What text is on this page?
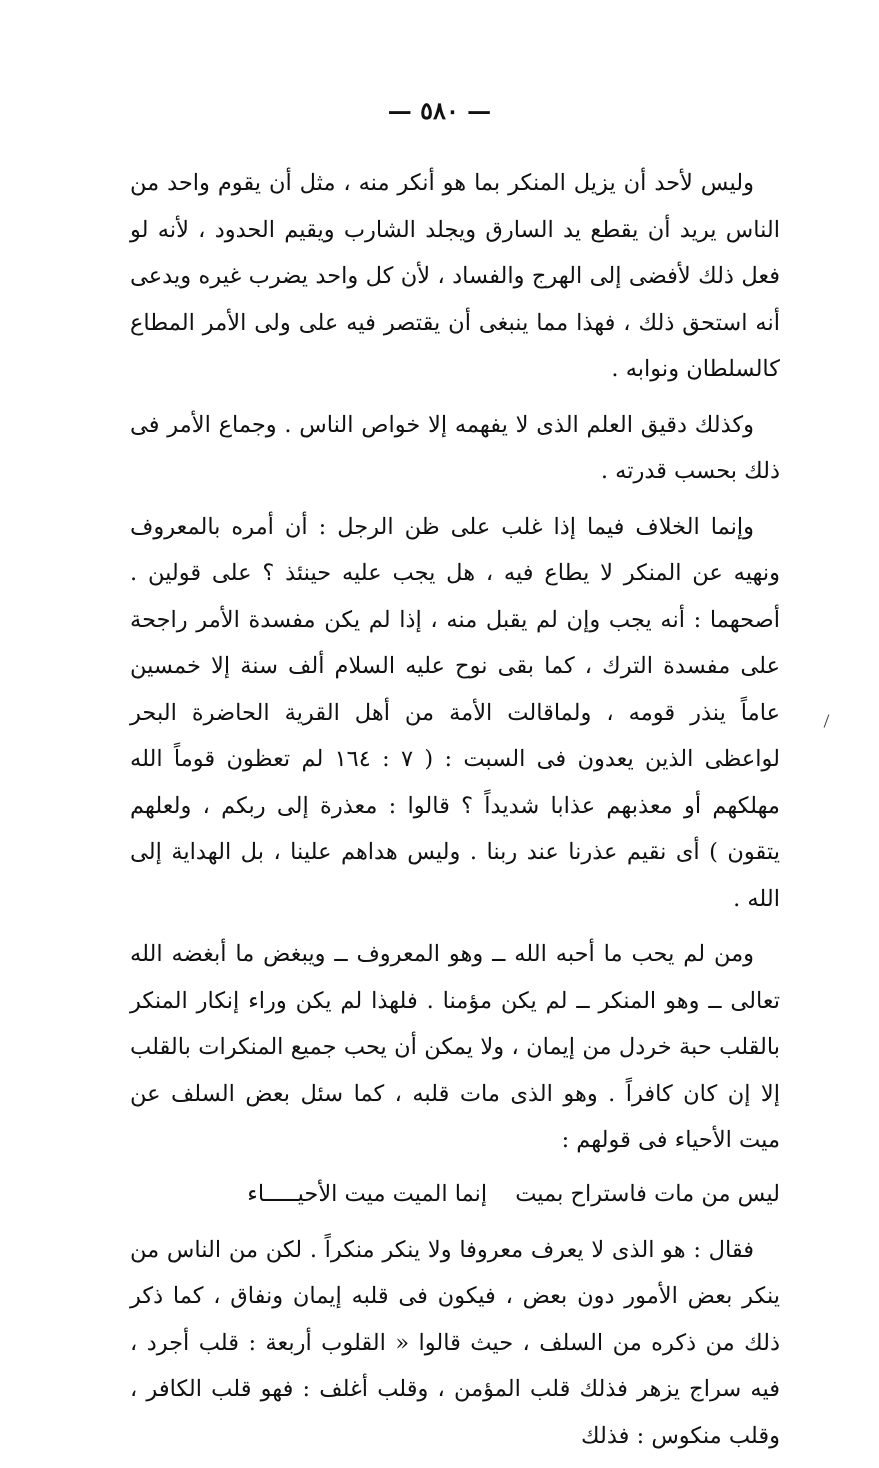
— ٥٨٠ —

وليس لأحد أن يزيل المنكر بما هو أنكر منه ، مثل أن يقوم واحد من الناس يريد أن يقطع يد السارق ويجلد الشارب ويقيم الحدود ، لأنه لو فعل ذلك لأفضى إلى الهرج والفساد ، لأن كل واحد يضرب غيره ويدعى أنه استحق ذلك ، فهذا مما ينبغى أن يقتصر فيه على ولى الأمر المطاع كالسلطان ونوابه .

وكذلك دقيق العلم الذى لا يفهمه إلا خواص الناس . وجماع الأمر فى ذلك بحسب قدرته .

وإنما الخلاف فيما إذا غلب على ظن الرجل : أن أمره بالمعروف ونهيه عن المنكر لا يطاع فيه ، هل يجب عليه حينئذ ؟ على قولين . أصحهما : أنه يجب وإن لم يقبل منه ، إذا لم يكن مفسدة الأمر راجحة على مفسدة الترك ، كما بقى نوح عليه السلام ألف سنة إلا خمسين عاماً ينذر قومه ، ولماقالت الأمة من أهل القرية الحاضرة البحر لواعظى الذين يعدون فى السبت : ( ٧ : ١٦٤ لم تعظون قوماً الله مهلكهم أو معذبهم عذابا شديداً ؟ قالوا : معذرة إلى ربكم ، ولعلهم يتقون ) أى نقيم عذرنا عند ربنا . وليس هداهم علينا ، بل الهداية إلى الله .

ومن لم يحب ما أحبه الله ــ وهو المعروف ــ ويبغض ما أبغضه الله تعالى ــ وهو المنكر ــ لم يكن مؤمنا . فلهذا لم يكن وراء إنكار المنكر بالقلب حبة خردل من إيمان ، ولا يمكن أن يحب جميع المنكرات بالقلب إلا إن كان كافراً . وهو الذى مات قلبه ، كما سئل بعض السلف عن ميت الأحياء فى قولهم :

ليس من مات فاستراح بميت
إنما الميت ميت الأحيـــــاء

فقال : هو الذى لا يعرف معروفا ولا ينكر منكراً . لكن من الناس من ينكر بعض الأمور دون بعض ، فيكون فى قلبه إيمان ونفاق ، كما ذكر ذلك من ذكره من السلف ، حيث قالوا « القلوب أربعة : قلب أجرد ، فيه سراج يزهر فذلك قلب المؤمن ، وقلب أغلف : فهو قلب الكافر ، وقلب منكوس : فذلك
